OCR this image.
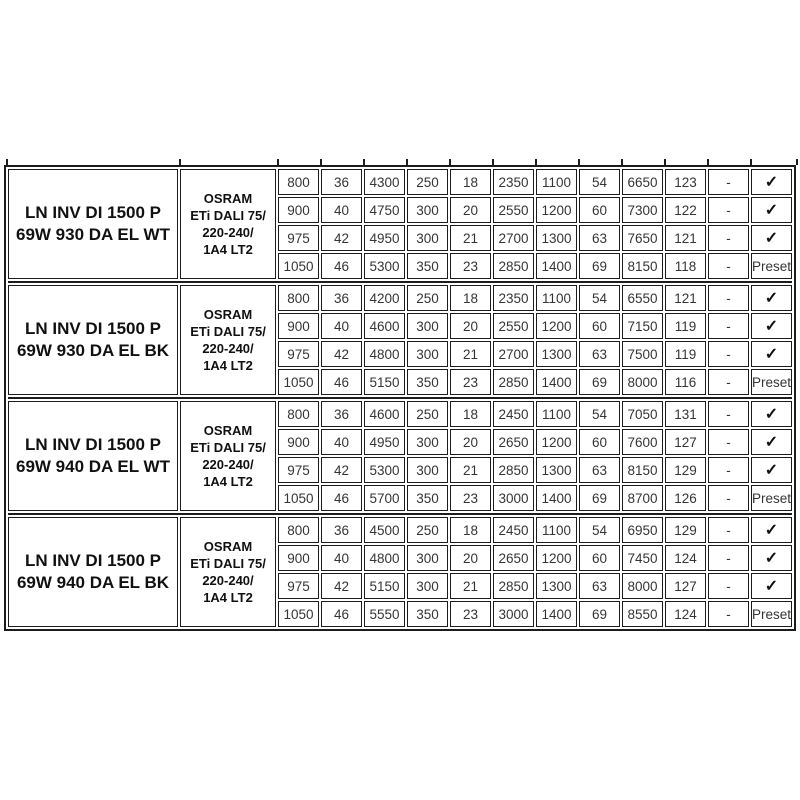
LN INV DI 1500 P
69W 930 DA EL WT	OSRAM
ETi DALI 75/
220-240/
1A4 LT2	800	36	4300	250	18	2350	1100	54	6650	123	-	✓
		900	40	4750	300	20	2550	1200	60	7300	122	-	✓
		975	42	4950	300	21	2700	1300	63	7650	121	-	✓
		1050	46	5300	350	23	2850	1400	69	8150	118	-	Preset

LN INV DI 1500 P
69W 930 DA EL BK	OSRAM
ETi DALI 75/
220-240/
1A4 LT2	800	36	4200	250	18	2350	1100	54	6550	121	-	✓
		900	40	4600	300	20	2550	1200	60	7150	119	-	✓
		975	42	4800	300	21	2700	1300	63	7500	119	-	✓
		1050	46	5150	350	23	2850	1400	69	8000	116	-	Preset

LN INV DI 1500 P
69W 940 DA EL WT	OSRAM
ETi DALI 75/
220-240/
1A4 LT2	800	36	4600	250	18	2450	1100	54	7050	131	-	✓
		900	40	4950	300	20	2650	1200	60	7600	127	-	✓
		975	42	5300	300	21	2850	1300	63	8150	129	-	✓
		1050	46	5700	350	23	3000	1400	69	8700	126	-	Preset

LN INV DI 1500 P
69W 940 DA EL BK	OSRAM
ETi DALI 75/
220-240/
1A4 LT2	800	36	4500	250	18	2450	1100	54	6950	129	-	✓
		900	40	4800	300	20	2650	1200	60	7450	124	-	✓
		975	42	5150	300	21	2850	1300	63	8000	127	-	✓
		1050	46	5550	350	23	3000	1400	69	8550	124	-	Preset
